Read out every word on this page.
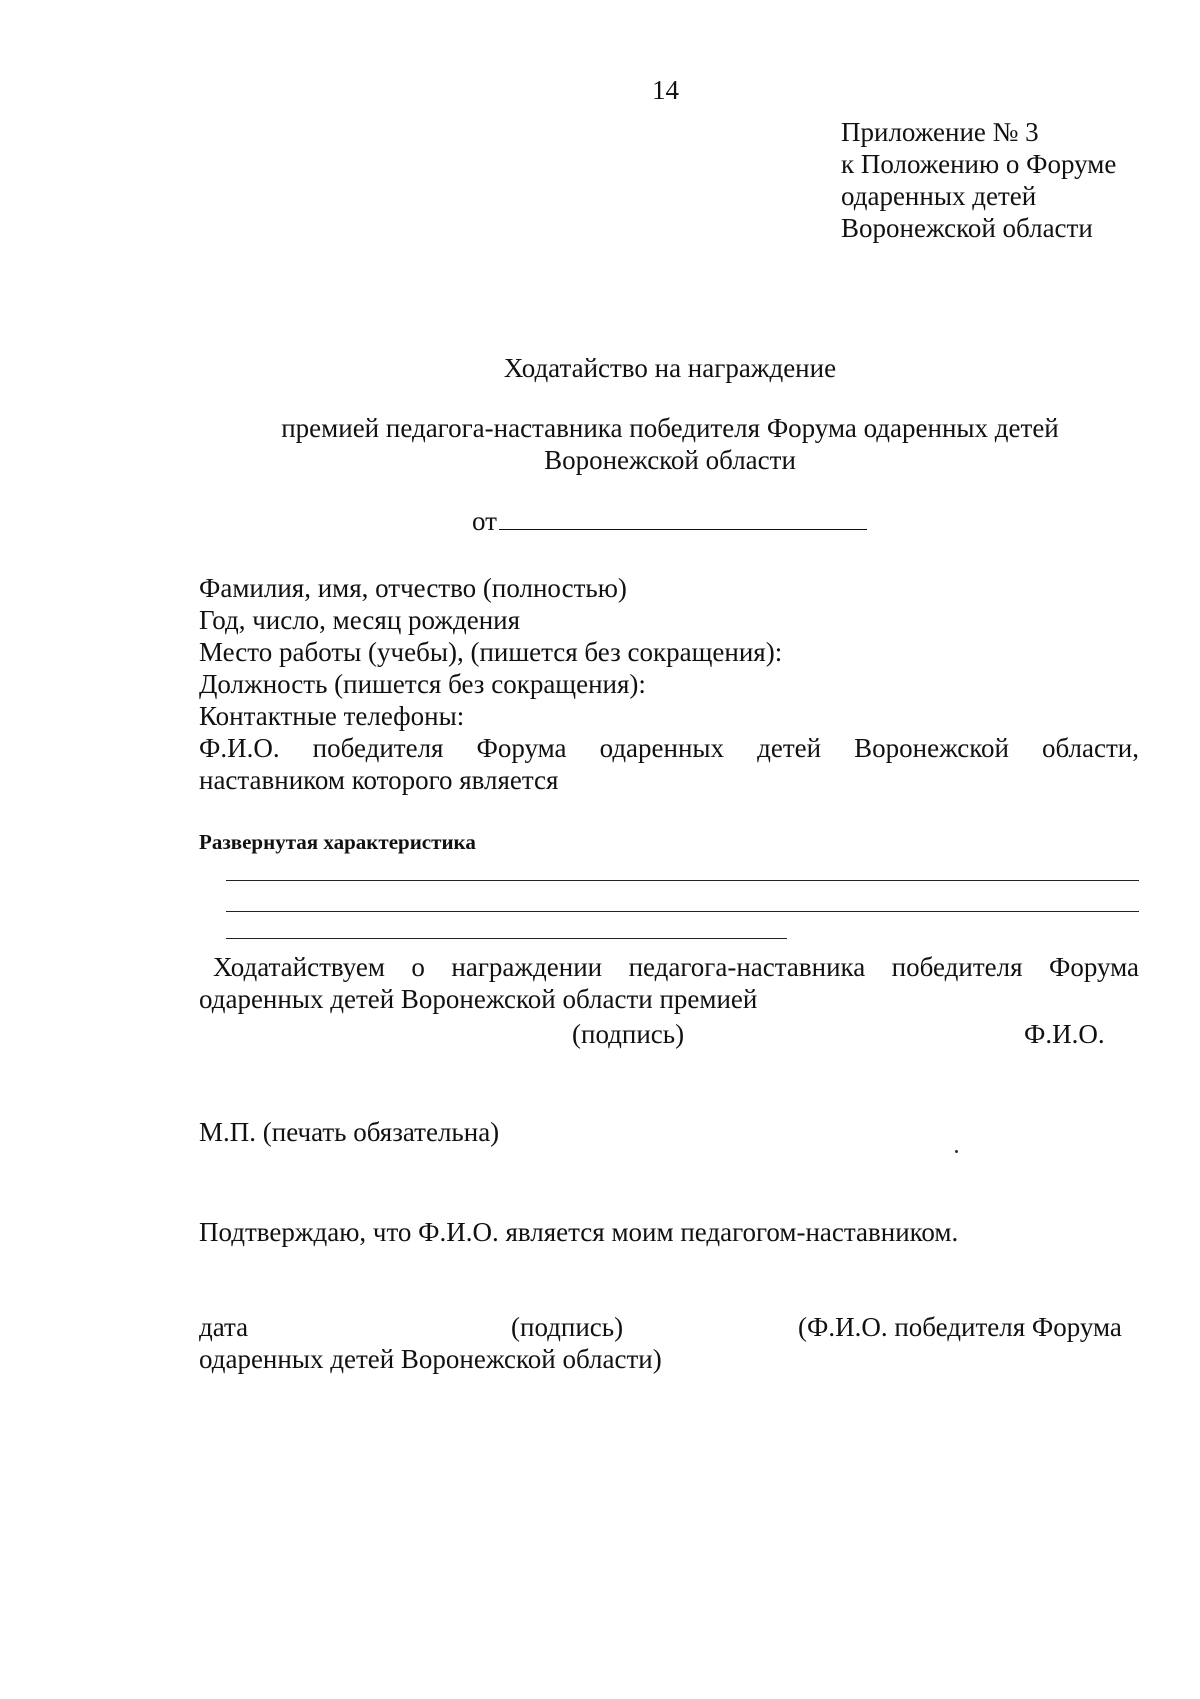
14
Приложение № 3
к Положению о Форуме
одаренных детей
Воронежской области
Ходатайство на награждение
премией педагога-наставника победителя Форума одаренных детей
Воронежской области
от
Фамилия, имя, отчество (полностью)
Год, число, месяц рождения
Место работы (учебы), (пишется без сокращения):
Должность (пишется без сокращения):
Контактные телефоны:
Ф.И.О. победителя Форума одаренных детей Воронежской области,
наставником которого является
Развернутая характеристика
Ходатайствуем о награждении педагога-наставника победителя Форума
одаренных детей Воронежской области премией
(подпись)	Ф.И.О.
М.П. (печать обязательна)
Подтверждаю, что Ф.И.О. является моим педагогом-наставником.
дата	(подпись)	(Ф.И.О. победителя Форума
одаренных детей Воронежской области)
